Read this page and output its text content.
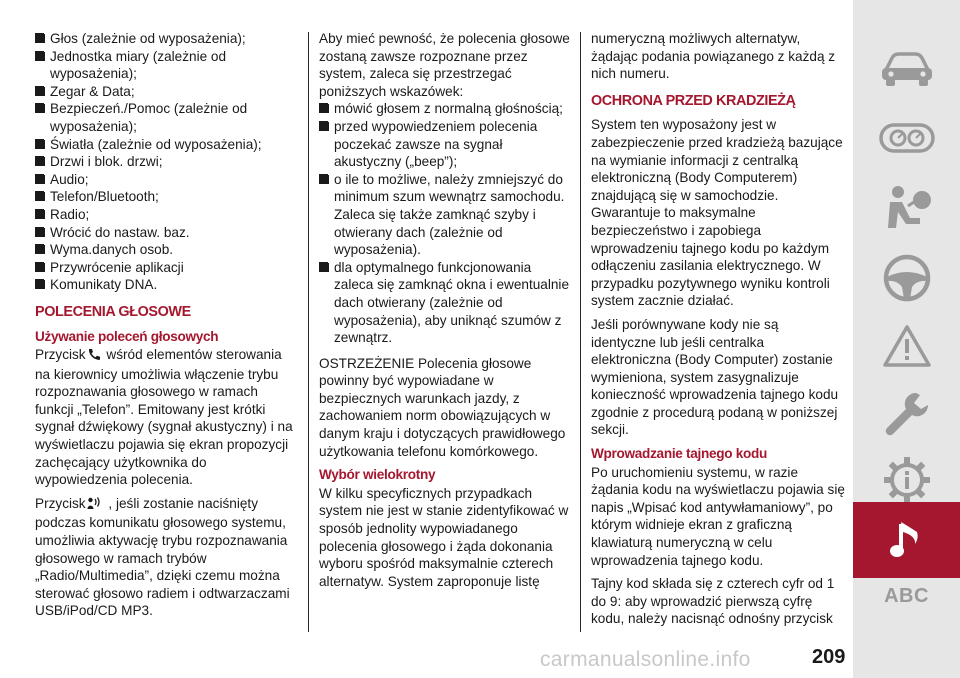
Głos (zależnie od wyposażenia);
Jednostka miary (zależnie od wyposażenia);
Zegar & Data;
Bezpieczeń./Pomoc (zależnie od wyposażenia);
Światła (zależnie od wyposażenia);
Drzwi i blok. drzwi;
Audio;
Telefon/Bluetooth;
Radio;
Wrócić do nastaw. baz.
Wyma.danych osob.
Przywrócenie aplikacji
Komunikaty DNA.
POLECENIA GŁOSOWE
Używanie poleceń głosowych

Przycisk wśród elementów sterowania na kierownicy umożliwia włączenie trybu rozpoznawania głosowego w ramach funkcji „Telefon”. Emitowany jest krótki sygnał dźwiękowy (sygnał akustyczny) i na wyświetlaczu pojawia się ekran propozycji zachęcający użytkownika do wypowiedzenia polecenia.

Przycisk , jeśli zostanie naciśnięty podczas komunikatu głosowego systemu, umożliwia aktywację trybu rozpoznawania głosowego w ramach trybów „Radio/Multimedia”, dzięki czemu można sterować głosowo radiem i odtwarzaczami USB/iPod/CD MP3.

Aby mieć pewność, że polecenia głosowe zostaną zawsze rozpoznane przez system, zaleca się przestrzegać poniższych wskazówek:
mówić głosem z normalną głośnością;
przed wypowiedzeniem polecenia poczekać zawsze na sygnał akustyczny („beep”);
o ile to możliwe, należy zmniejszyć do minimum szum wewnątrz samochodu. Zaleca się także zamknąć szyby i otwierany dach (zależnie od wyposażenia).
dla optymalnego funkcjonowania zaleca się zamknąć okna i ewentualnie dach otwierany (zależnie od wyposażenia), aby uniknąć szumów z zewnątrz.

OSTRZEŻENIE Polecenia głosowe powinny być wypowiadane w bezpiecznych warunkach jazdy, z zachowaniem norm obowiązujących w danym kraju i dotyczących prawidłowego użytkowania telefonu komórkowego.

Wybór wielokrotny

W kilku specyficznych przypadkach system nie jest w stanie zidentyfikować w sposób jednolity wypowiadanego polecenia głosowego i żąda dokonania wyboru spośród maksymalnie czterech alternatyw. System zaproponuje listę

numeryczną możliwych alternatyw, żądając podania powiązanego z każdą z nich numeru.

OCHRONA PRZED KRADZIEŻĄ

System ten wyposażony jest w zabezpieczenie przed kradzieżą bazujące na wymianie informacji z centralką elektroniczną (Body Computerem) znajdującą się w samochodzie. Gwarantuje to maksymalne bezpieczeństwo i zapobiega wprowadzeniu tajnego kodu po każdym odłączeniu zasilania elektrycznego. W przypadku pozytywnego wyniku kontroli system zacznie działać.

Jeśli porównywane kody nie są identyczne lub jeśli centralka elektroniczna (Body Computer) zostanie wymieniona, system zasygnalizuje konieczność wprowadzenia tajnego kodu zgodnie z procedurą podaną w poniższej sekcji.

Wprowadzanie tajnego kodu

Po uruchomieniu systemu, w razie żądania kodu na wyświetlaczu pojawia się napis „Wpisać kod antywłamaniowy”, po którym widnieje ekran z graficzną klawiaturą numeryczną w celu wprowadzenia tajnego kodu.

Tajny kod składa się z czterech cyfr od 1 do 9: aby wprowadzić pierwszą cyfrę kodu, należy nacisnąć odnośny przycisk

ABC
carmanualsonline.info	209
